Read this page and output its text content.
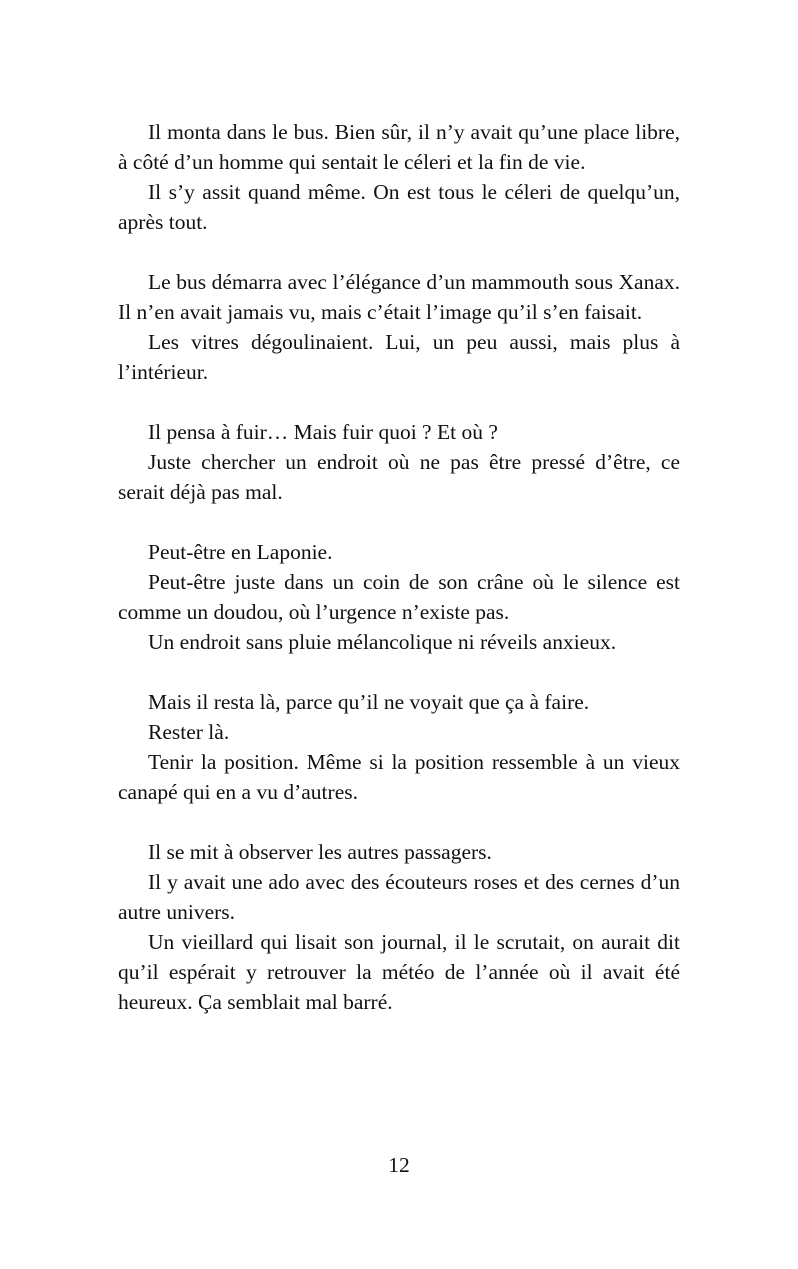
Il monta dans le bus. Bien sûr, il n’y avait qu’une place libre, à côté d’un homme qui sentait le céleri et la fin de vie.

Il s’y assit quand même. On est tous le céleri de quelqu’un, après tout.

Le bus démarra avec l’élégance d’un mammouth sous Xanax. Il n’en avait jamais vu, mais c’était l’image qu’il s’en faisait.

Les vitres dégoulinaient. Lui, un peu aussi, mais plus à l’intérieur.

Il pensa à fuir… Mais fuir quoi ? Et où ?

Juste chercher un endroit où ne pas être pressé d’être, ce serait déjà pas mal.

Peut-être en Laponie.

Peut-être juste dans un coin de son crâne où le silence est comme un doudou, où l’urgence n’existe pas.

Un endroit sans pluie mélancolique ni réveils anxieux.

Mais il resta là, parce qu’il ne voyait que ça à faire.

Rester là.

Tenir la position. Même si la position ressemble à un vieux canapé qui en a vu d’autres.

Il se mit à observer les autres passagers.

Il y avait une ado avec des écouteurs roses et des cernes d’un autre univers.

Un vieillard qui lisait son journal, il le scrutait, on aurait dit qu’il espérait y retrouver la météo de l’année où il avait été heureux. Ça semblait mal barré.

12
